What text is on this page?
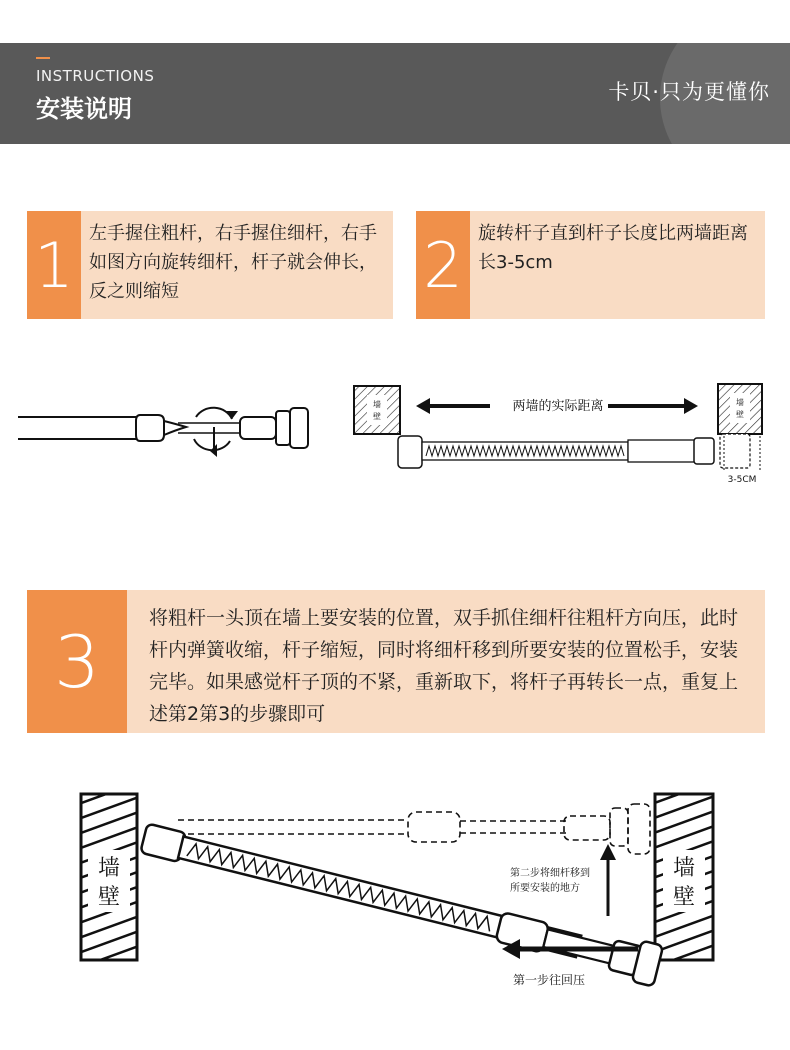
INSTRUCTIONS
安装说明
卡贝·只为更懂你
1 左手握住粗杆，右手握住细杆，右手如图方向旋转细杆，杆子就会伸长，反之则缩短	2 旋转杆子直到杆子长度比两墙距离长3-5cm
墙
壁
墙
壁
两墙的实际距离
3-5CM
3
将粗杆一头顶在墙上要安装的位置，双手抓住细杆往粗杆方向压，此时杆内弹簧收缩，杆子缩短，同时将细杆移到所要安装的位置松手，安装完毕。如果感觉杆子顶的不紧，重新取下，将杆子再转长一点，重复上述第2第3的步骤即可
墙
壁
墙
壁
第二步将细杆移到
所要安装的地方
第一步往回压
